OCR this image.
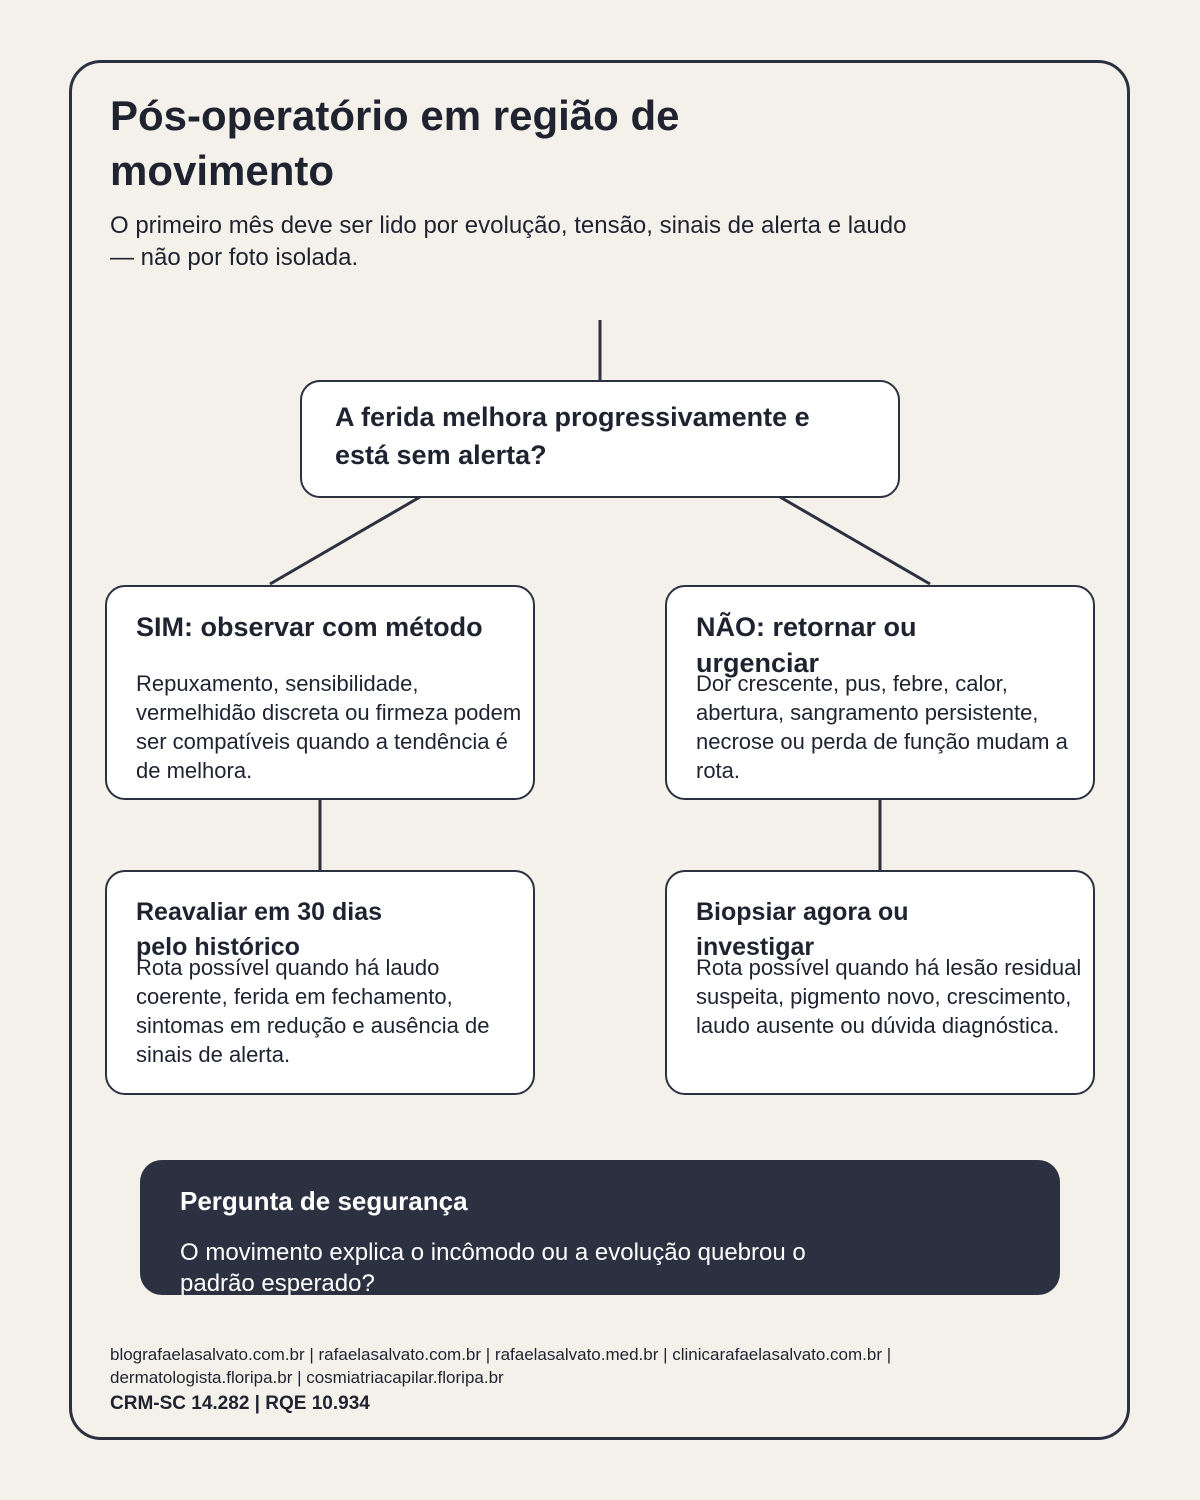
Pós-operatório em região de movimento

O primeiro mês deve ser lido por evolução, tensão, sinais de alerta e laudo — não por foto isolada.

A ferida melhora progressivamente e está sem alerta?

SIM: observar com método

Repuxamento, sensibilidade, vermelhidão discreta ou firmeza podem ser compatíveis quando a tendência é de melhora.

NÃO: retornar ou urgenciar

Dor crescente, pus, febre, calor, abertura, sangramento persistente, necrose ou perda de função mudam a rota.

Reavaliar em 30 dias pelo histórico

Rota possível quando há laudo coerente, ferida em fechamento, sintomas em redução e ausência de sinais de alerta.

Biopsiar agora ou investigar

Rota possível quando há lesão residual suspeita, pigmento novo, crescimento, laudo ausente ou dúvida diagnóstica.

Pergunta de segurança

O movimento explica o incômodo ou a evolução quebrou o padrão esperado?

blografaelasalvato.com.br | rafaelasalvato.com.br | rafaelasalvato.med.br | clinicarafaelasalvato.com.br | dermatologista.floripa.br | cosmiatriacapilar.floripa.br

CRM-SC 14.282 | RQE 10.934
